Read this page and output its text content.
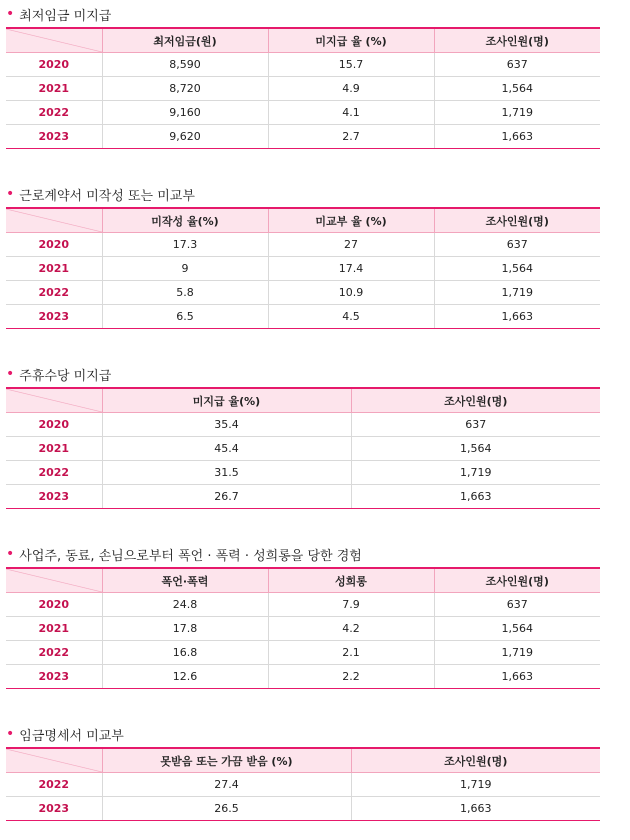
• 최저임금 미지급
	최저임금(원)	미지급 율 (%)	조사인원(명)
2020	8,590	15.7	637
2021	8,720	4.9	1,564
2022	9,160	4.1	1,719
2023	9,620	2.7	1,663
• 근로계약서 미작성 또는 미교부
	미작성 율(%)	미교부 율 (%)	조사인원(명)
2020	17.3	27	637
2021	9	17.4	1,564
2022	5.8	10.9	1,719
2023	6.5	4.5	1,663
• 주휴수당 미지급
	미지급 율(%)	조사인원(명)
2020	35.4	637
2021	45.4	1,564
2022	31.5	1,719
2023	26.7	1,663
• 사업주, 동료, 손님으로부터 폭언 · 폭력 · 성희롱을 당한 경험
	폭언·폭력	성희롱	조사인원(명)
2020	24.8	7.9	637
2021	17.8	4.2	1,564
2022	16.8	2.1	1,719
2023	12.6	2.2	1,663
• 임금명세서 미교부
	못받음 또는 가끔 받음 (%)	조사인원(명)
2022	27.4	1,719
2023	26.5	1,663
